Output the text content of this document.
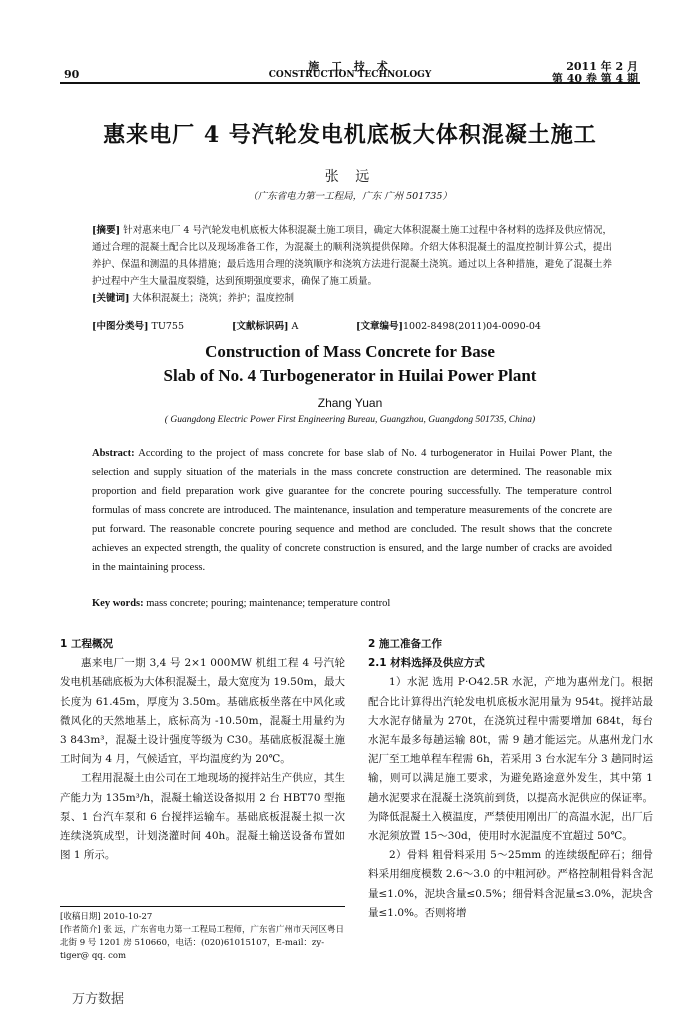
90
施 工 技 术
CONSTRUCTION TECHNOLOGY
2011 年 2 月
第 40 卷 第 4 期
惠来电厂 4 号汽轮发电机底板大体积混凝土施工
张 远
（广东省电力第一工程局，广东 广州 501735）
[摘要] 针对惠来电厂 4 号汽轮发电机底板大体积混凝土施工项目，确定大体积混凝土施工过程中各材料的选择及供应情况，通过合理的混凝土配合比以及现场准备工作，为混凝土的顺利浇筑提供保障。介绍大体积混凝土的温度控制计算公式，提出养护、保温和测温的具体措施；最后选用合理的浇筑顺序和浇筑方法进行混凝土浇筑。通过以上各种措施，避免了混凝土养护过程中产生大量温度裂缝，达到预期强度要求，确保了施工质量。
[关键词] 大体积混凝土；浇筑；养护；温度控制
[中图分类号] TU755	[文献标识码] A	[文章编号]1002-8498(2011)04-0090-04
Construction of Mass Concrete for Base
Slab of No. 4 Turbogenerator in Huilai Power Plant
Zhang Yuan
( Guangdong Electric Power First Engineering Bureau, Guangzhou, Guangdong 501735, China)
Abstract: According to the project of mass concrete for base slab of No. 4 turbogenerator in Huilai Power Plant, the selection and supply situation of the materials in the mass concrete construction are determined. The reasonable mix proportion and field preparation work give guarantee for the concrete pouring successfully. The temperature control formulas of mass concrete are introduced. The maintenance, insulation and temperature measurements of the concrete are put forward. The reasonable concrete pouring sequence and method are concluded. The result shows that the concrete achieves an expected strength, the quality of concrete construction is ensured, and the large number of cracks are avoided in the maintaining process.
Key words: mass concrete; pouring; maintenance; temperature control
1 工程概况

惠来电厂一期 3,4 号 2×1 000MW 机组工程 4 号汽轮发电机基础底板为大体积混凝土，最大宽度为 19.50m，最大长度为 61.45m，厚度为 3.50m。基础底板坐落在中风化或微风化的天然地基上，底标高为 -10.50m，混凝土用量约为 3 843m³，混凝土设计强度等级为 C30。基础底板混凝土施工时间为 4 月，气候适宜，平均温度约为 20℃。

工程用混凝土由公司在工地现场的搅拌站生产供应，其生产能力为 135m³/h，混凝土输送设备拟用 2 台 HBT70 型拖泵、1 台汽车泵和 6 台搅拌运输车。基础底板混凝土拟一次连续浇筑成型，计划浇灌时间 40h。混凝土输送设备布置如图 1 所示。

[收稿日期] 2010-10-27
[作者简介] 张 远，广东省电力第一工程局工程师，广东省广州市天河区粤日北街 9 号 1201 房 510660，电话：(020)61015107，E-mail：zy-tiger@ qq. com
2 施工准备工作
2.1 材料选择及供应方式

1）水泥 选用 P·O42.5R 水泥，产地为惠州龙门。根据配合比计算得出汽轮发电机底板水泥用量为 954t。搅拌站最大水泥存储量为 270t，在浇筑过程中需要增加 684t，每台水泥车最多每趟运输 80t，需 9 趟才能运完。从惠州龙门水泥厂至工地单程车程需 6h，若采用 3 台水泥车分 3 趟同时运输，则可以满足施工要求，为避免路途意外发生，其中第 1 趟水泥要求在混凝土浇筑前到货，以提高水泥供应的保证率。为降低混凝土入模温度，严禁使用刚出厂的高温水泥，出厂后水泥须放置 15～30d，使用时水泥温度不宜超过 50℃。

2）骨料 粗骨料采用 5～25mm 的连续级配碎石；细骨料采用细度模数 2.6～3.0 的中粗河砂。严格控制粗骨料含泥量≤1.0%，泥块含量≤0.5%；细骨料含泥量≤3.0%，泥块含量≤1.0%。否则将增

万方数据
